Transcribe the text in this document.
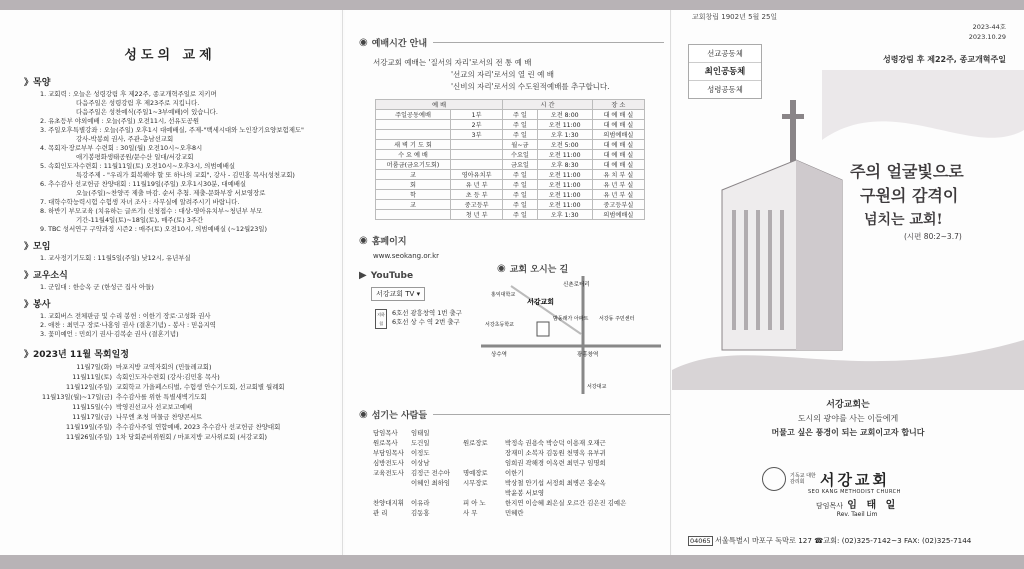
성도의 교제
》목양
1. 교회력 : 오늘은 성령강림 후 제22주, 종교개혁주일로 지키며
다음주일은 성령강림 후 제23주로 지킵니다.
다음주일은 성찬예식(주일1~3부예배)이 있습니다.
2. 유초등부 야외예배 : 오늘(주일) 오전11시, 선유도공원
3. 주일오후특별강좌 : 오늘(주일) 오후1시 대예배실, 주제-"백세시대와 노인장기요양보험제도"
강사-박봉희 권사, 주관-총남선교회
4. 목회자·장로부부 수련회 : 30일(월) 오전10시~오후8시
애기봉평화생태공원/문수산 일대/서강교회
5. 속회인도자수련회 : 11월11일(토) 오전10시~오후3시, 의범예배실
특강주제 - "우리가 회복해야 할 또 하나의 교회", 강사 - 김민홍 목사(성천교회)
6. 추수감사 선교헌금 찬양대회 : 11월19일(주일) 오후1시30분, 대예배실
오늘(주일)~찬양곡 제출 마감. 순서 추첨. 제출-문화부장 서보영장로
7. 대학수학능력시험 수험생 자녀 조사 : 사무실에 알려주시기 바랍니다.
8. 하반기 부모교육 (치유하는 글쓰기) 신청접수 : 대상-영아유치부~청년부 부모
기간-11월4일(토)~18일(토), 매주(토) 3주간
9. TBC 성서연구 구약과정 시즌2 : 매주(토) 오전10시, 의범예배실 (~12월23일)
》모임
1. 교사정기기도회 : 11월5일(주일) 낮12시, 유년부실
》교우소식
1. 군입대 : 한승옥 군 (한성근 집사 아들)
》봉사
1. 교회버스 전체판금 및 수리 봉헌 : 이한기 장로·고성화 권사
2. 애찬 : 최민구 장로·나홍임 권사 (결혼기념) - 봉사 : 믿음지역
3. 꽃미예언 : 민희기 권사·김복순 권사 (결혼기념)
》2023년 11월 목회일정
11월7일(화) 마포지방 교역자회의 (민들레교회)
11월11일(토) 속회인도자수련회 (강사:김민홍 목사)
11월12일(주일) 교회학교 가을페스티벌, 수험생 안수기도회, 선교회별 월례회
11월13일(월)~17일(금) 추수감사를 위한 특별새벽기도회
11월15일(수) 박영진선교사 선교보고예배
11월17일(금) 나무엔 초청 머물금 찬양콘서트
11월19일(주일) 추수감사주일 연합예배, 2023 추수감사 선교헌금 찬양대회
11월26일(주일) 1차 당회준비위원회 / 마포지방 교사위로회 (서강교회)
◉ 예배시간 안내
서강교회 예배는 '질서의 자리'로서의 전 통 예 배
'선교의 자리'로서의 열 린 예 배
'신비의 자리'로서의 수도원적예배를 추구합니다.
예 배		시 간		장 소
주일공동예배	1부	주 일	오전 8:00	대 예 배 실
	2부	주 일	오전 11:00	대 예 배 실
	3부	주 일	오후 1:30	의범예배실
새 벽 기 도 회		월~금	오전 5:00	대 예 배 실
수 요 예 배		수요일	오전 11:00	대 예 배 실
머룸금(금요기도회)		금요일	오후 8:30	대 예 배 실
교	영아유치부	주 일	오전 11:00	유 치 부 실
회	유 년 부	주 일	오전 11:00	유 년 부 실
학	초 등 부	주 일	오전 11:00	유 년 부 실
교	중고등부	주 일	오전 11:00	중고등부실
	청 년 부	주 일	오후 1:30	의범예배실
◉ 홈페이지
www.seokang.or.kr
▶ YouTube
서강교회 TV ▾
지하철 6호선 광흥창역 1번 출구
6호선 상 수 역 2번 출구
◉ 교회 오시는 길
신촌로터리
홍익대학교
서강교회
서강초등학교
밤동래가 아파트 서강동 주민센터
상수역	광흥창역
서강대교
◉ 섬기는 사람들
담임목사 임태일
원로목사 도건일	원로장로	박정속 권용숙 박승덕 이용재 오재근
부담임목사 이정도	장재미 소복자 김동원 천명옥 유부귀
심방전도사 이상남	임희권 곽해경 이옥련 최민구 임명희
교육전도사 김정근 전수아 명예장로	이한기
이혜인 최하임 시무장로	박상철 안기섭 서정희 최병곤 홍순옥
박윤봉 서보영
찬양대지휘 이유라	피 아 노	한지연 이승혜 최은실 오르간 김은진 김예은
관 리	김동홍	사 무	민혜란
교회창립 1902년 5월 25일
2023-44호
2023.10.29
성령강림 후 제22주, 종교개혁주일
선교공동체
최인공동체
성령공동체
주의 얼굴빛으로
구원의 감격이
넘치는 교회!
(시편 80:2~3.7)
서강교회는
도시의 광야를 사는 이들에게
머물고 싶은 풍경이 되는 교회이고자 합니다
기독교 대한감리회	서강교회
SEO KANG METHODIST CHURCH
담임목사 임 태 일
Rev. Taeil Lim
04065 서울특별시 마포구 독막로 127 ☎교회: (02)325-7142~3 FAX: (02)325-7144
